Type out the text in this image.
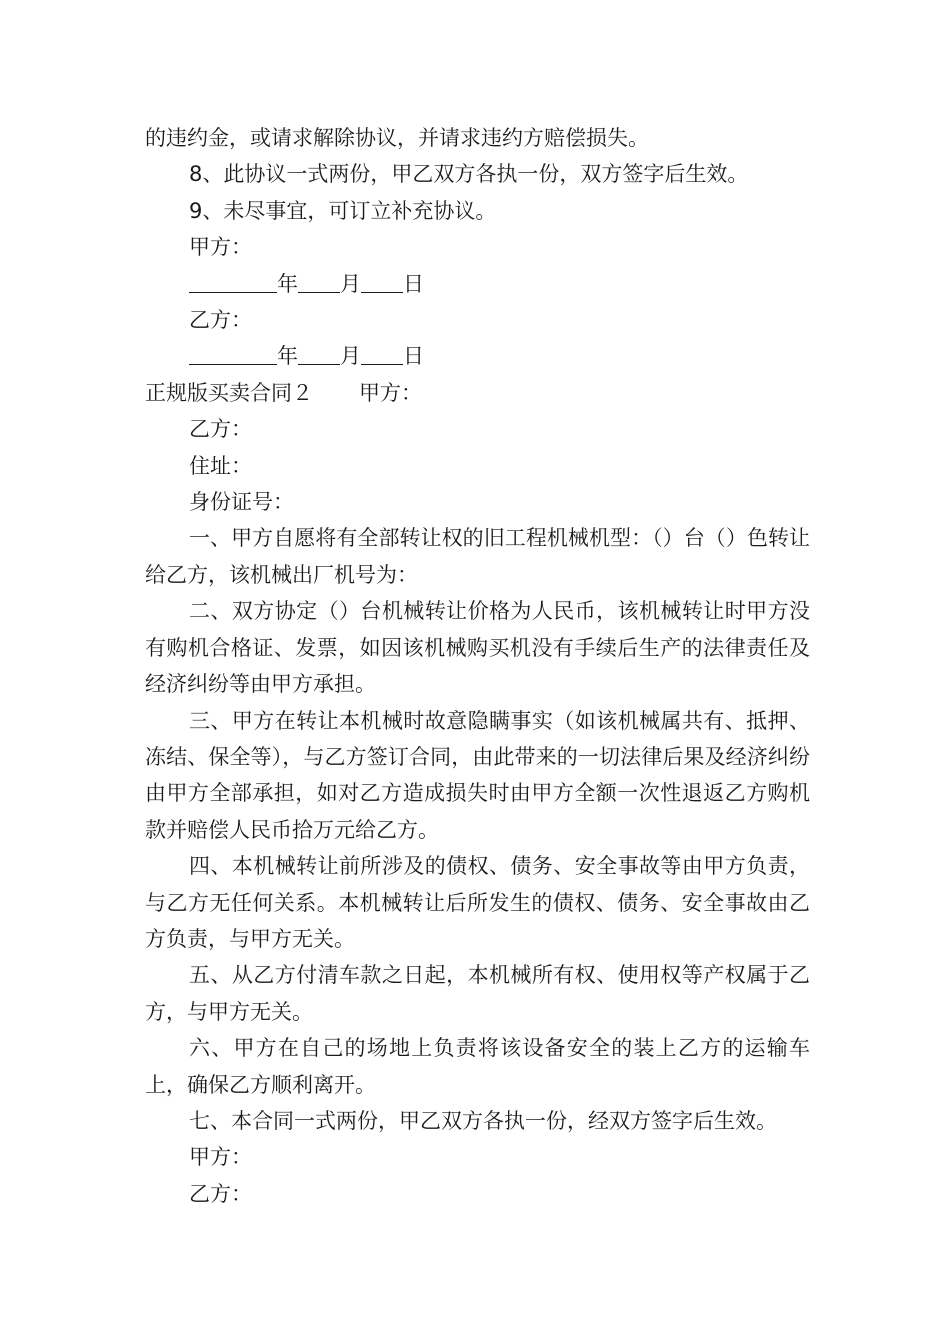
的违约金，或请求解除协议，并请求违约方赔偿损失。

8、此协议一式两份，甲乙双方各执一份，双方签字后生效。

9、未尽事宜，可订立补充协议。

甲方：

年 月 日

乙方：

年 月 日

正规版买卖合同２ 甲方：

乙方：

住址：

身份证号：

一、甲方自愿将有全部转让权的旧工程机械机型：（）台（）色转让给乙方，该机械出厂机号为：

二、双方协定（）台机械转让价格为人民币，该机械转让时甲方没有购机合格证、发票，如因该机械购买机没有手续后生产的法律责任及经济纠纷等由甲方承担。

三、甲方在转让本机械时故意隐瞒事实（如该机械属共有、抵押、冻结、保全等），与乙方签订合同，由此带来的一切法律后果及经济纠纷由甲方全部承担，如对乙方造成损失时由甲方全额一次性退返乙方购机款并赔偿人民币拾万元给乙方。

四、本机械转让前所涉及的债权、债务、安全事故等由甲方负责，与乙方无任何关系。本机械转让后所发生的债权、债务、安全事故由乙方负责，与甲方无关。

五、从乙方付清车款之日起，本机械所有权、使用权等产权属于乙方，与甲方无关。

六、甲方在自己的场地上负责将该设备安全的装上乙方的运输车上，确保乙方顺利离开。

七、本合同一式两份，甲乙双方各执一份，经双方签字后生效。

甲方：

乙方：
